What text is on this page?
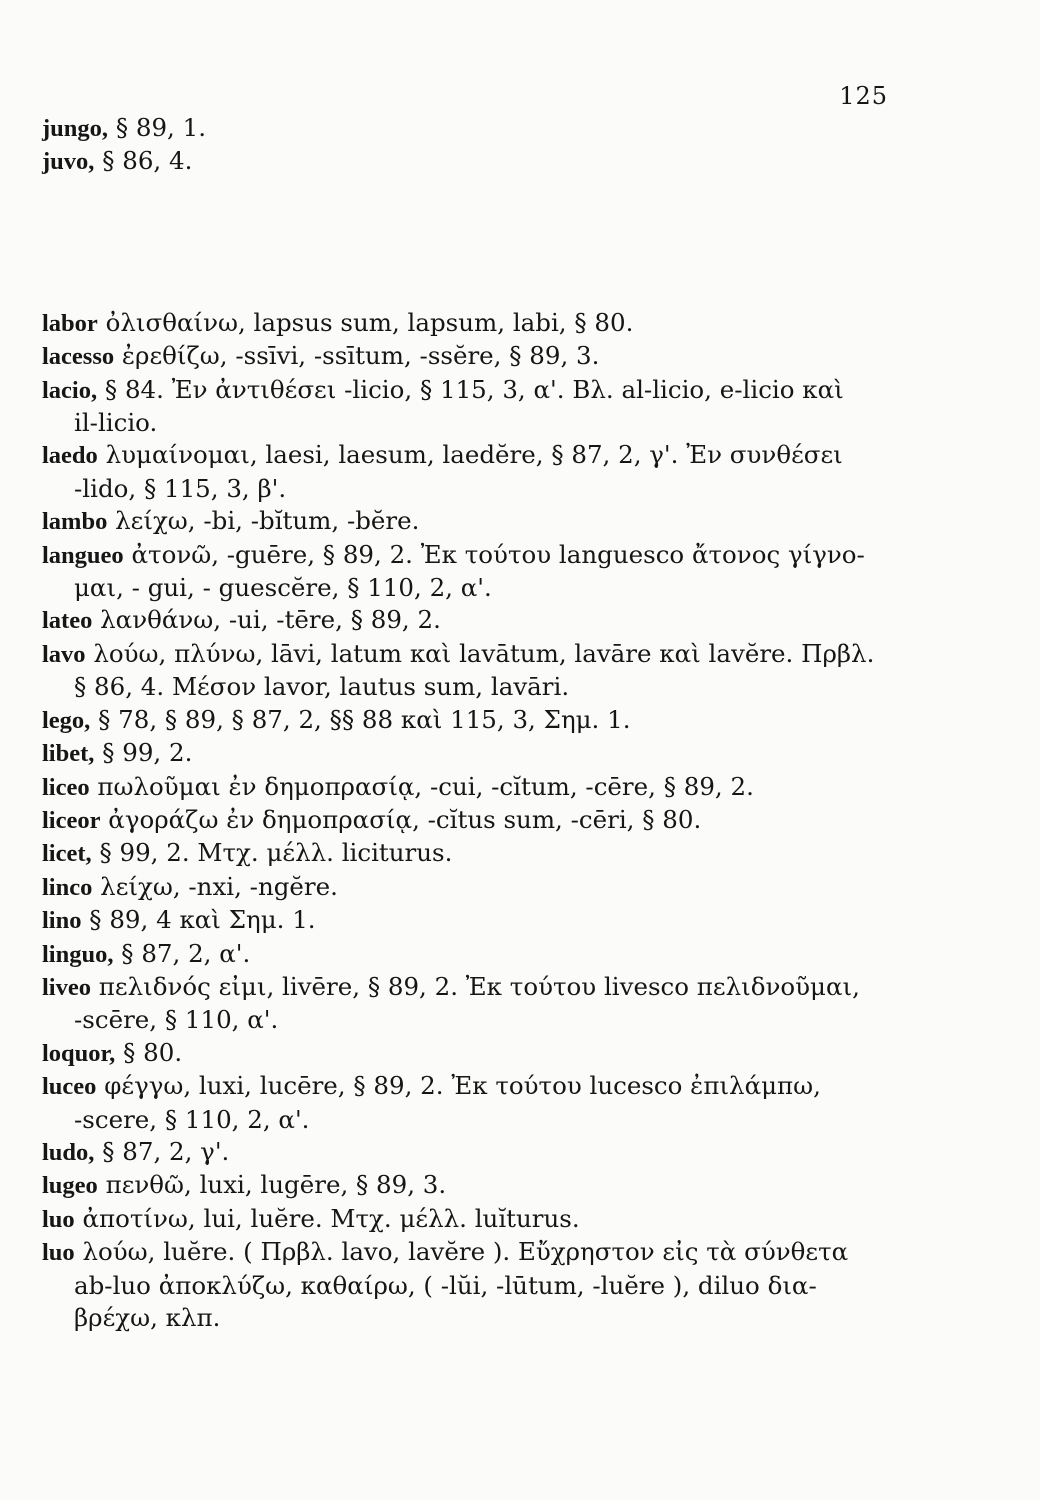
125
jungo, § 89, 1.
juvo, § 86, 4.
labor ὀλισθαίνω, lapsus sum, lapsum, labi, § 80.
lacesso ἐρεθίζω, -ssīvi, -ssītum, -ssĕre, § 89, 3.
lacio, § 84. Ἐν ἀντιθέσει -licio, § 115, 3, α'. Βλ. al-licio, e-licio καὶ
il-licio.
laedo λυμαίνομαι, laesi, laesum, laedĕre, § 87, 2, γ'. Ἐν συνθέσει
-lido, § 115, 3, β'.
lambo λείχω, -bi, -bĭtum, -bĕre.
langueo ἀτονῶ, -guēre, § 89, 2. Ἐκ τούτου languesco ἄτονος γίγνο-
μαι, - gui, - guescĕre, § 110, 2, α'.
lateo λανθάνω, -ui, -tēre, § 89, 2.
lavo λούω, πλύνω, lāvi, latum καὶ lavātum, lavāre καὶ lavĕre. Πρβλ.
§ 86, 4. Μέσον lavor, lautus sum, lavāri.
lego, § 78, § 89, § 87, 2, §§ 88 καὶ 115, 3, Σημ. 1.
libet, § 99, 2.
liceo πωλοῦμαι ἐν δημοπρασίᾳ, -cui, -cĭtum, -cēre, § 89, 2.
liceor ἀγοράζω ἐν δημοπρασίᾳ, -cĭtus sum, -cēri, § 80.
licet, § 99, 2. Μτχ. μέλλ. liciturus.
linco λείχω, -nxi, -ngĕre.
lino § 89, 4 καὶ Σημ. 1.
linguo, § 87, 2, α'.
liveo πελιδνός εἰμι, livēre, § 89, 2. Ἐκ τούτου livesco πελιδνοῦμαι,
-scēre, § 110, α'.
loquor, § 80.
luceo φέγγω, luxi, lucēre, § 89, 2. Ἐκ τούτου lucesco ἐπιλάμπω,
-scere, § 110, 2, α'.
ludo, § 87, 2, γ'.
lugeo πενθῶ, luxi, lugēre, § 89, 3.
luo ἀποτίνω, lui, luĕre. Μτχ. μέλλ. luĭturus.
luo λούω, luĕre. ( Πρβλ. lavo, lavĕre ). Εὔχρηστον εἰς τὰ σύνθετα
ab-luo ἀποκλύζω, καθαίρω, ( -lŭi, -lūtum, -luĕre ), diluo δια-
βρέχω, κλπ.
